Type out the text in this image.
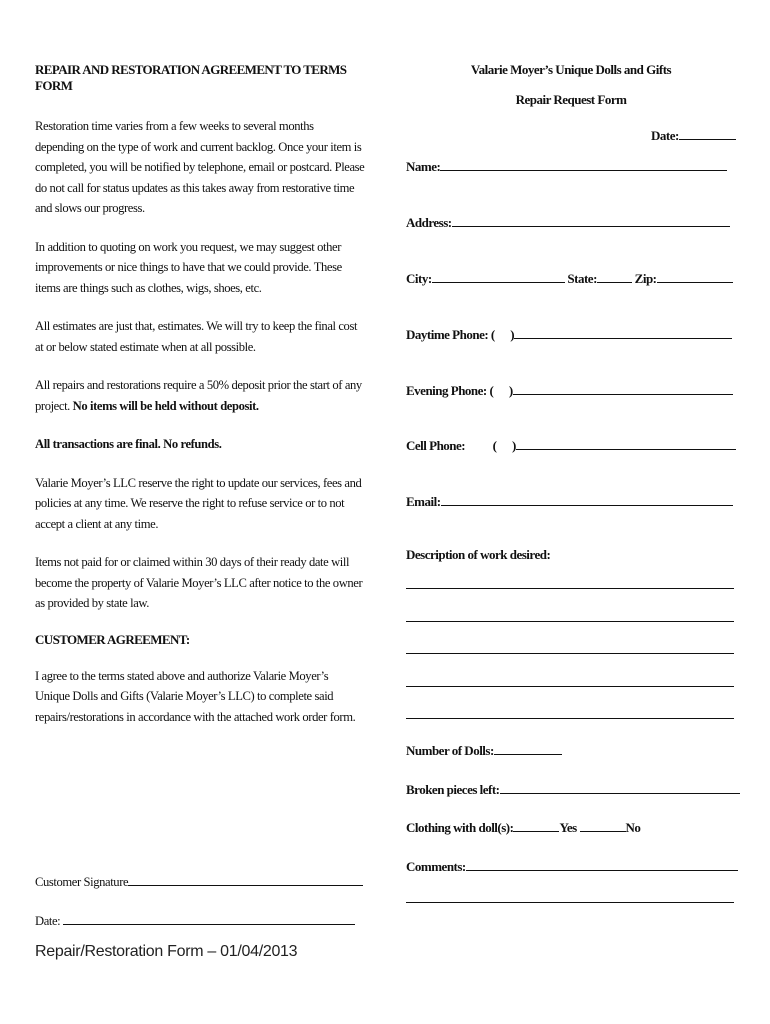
REPAIR AND RESTORATION AGREEMENT TO TERMS FORM

Restoration time varies from a few weeks to several months depending on the type of work and current backlog. Once your item is completed, you will be notified by telephone, email or postcard. Please do not call for status updates as this takes away from restorative time and slows our progress.

In addition to quoting on work you request, we may suggest other improvements or nice things to have that we could provide. These items are things such as clothes, wigs, shoes, etc.

All estimates are just that, estimates. We will try to keep the final cost at or below stated estimate when at all possible.

All repairs and restorations require a 50% deposit prior the start of any project. No items will be held without deposit.

All transactions are final. No refunds.

Valarie Moyer’s LLC reserve the right to update our services, fees and policies at any time. We reserve the right to refuse service or to not accept a client at any time.

Items not paid for or claimed within 30 days of their ready date will become the property of Valarie Moyer’s LLC after notice to the owner as provided by state law.

CUSTOMER AGREEMENT:

I agree to the terms stated above and authorize Valarie Moyer’s Unique Dolls and Gifts (Valarie Moyer’s LLC) to complete said repairs/restorations in accordance with the attached work order form.

Customer Signature
Date:
Repair/Restoration Form – 01/04/2013
Valarie Moyer’s Unique Dolls and Gifts
Repair Request Form
Date:
Name:
Address:
City:	State:	Zip:
Daytime Phone: ( )
Evening Phone: ( )
Cell Phone: ( )
Email:
Description of work desired:
Number of Dolls:
Broken pieces left:
Clothing with doll(s):	Yes	No
Comments:
